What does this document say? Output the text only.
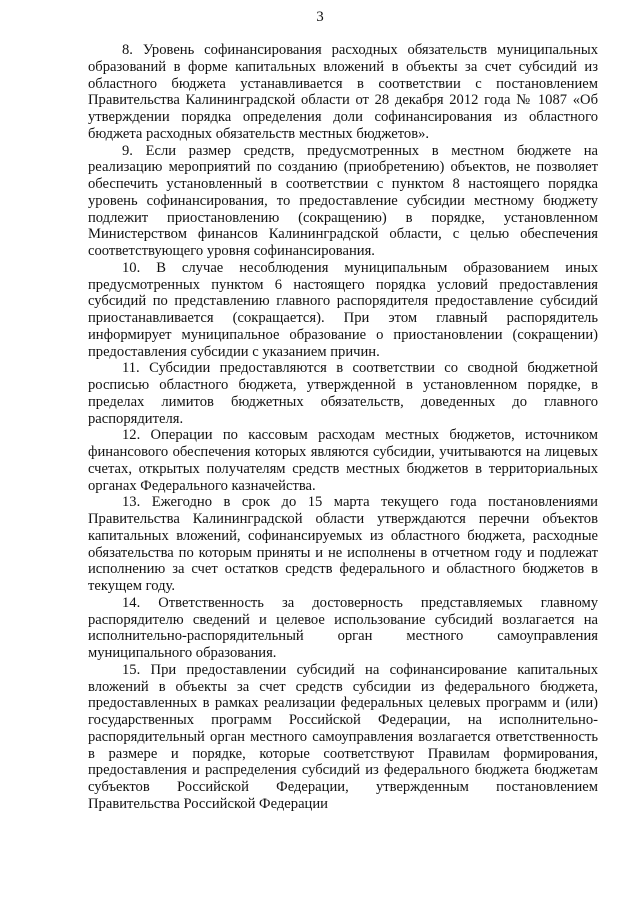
3

8. Уровень софинансирования расходных обязательств муниципальных образований в форме капитальных вложений в объекты за счет субсидий из областного бюджета устанавливается в соответствии с постановлением Правительства Калининградской области от 28 декабря 2012 года № 1087 «Об утверждении порядка определения доли софинансирования из областного бюджета расходных обязательств местных бюджетов».

9. Если размер средств, предусмотренных в местном бюджете на реализацию мероприятий по созданию (приобретению) объектов, не позволяет обеспечить установленный в соответствии с пунктом 8 настоящего порядка уровень софинансирования, то предоставление субсидии местному бюджету подлежит приостановлению (сокращению) в порядке, установленном Министерством финансов Калининградской области, с целью обеспечения соответствующего уровня софинансирования.

10. В случае несоблюдения муниципальным образованием иных предусмотренных пунктом 6 настоящего порядка условий предоставления субсидий по представлению главного распорядителя предоставление субсидий приостанавливается (сокращается). При этом главный распорядитель информирует муниципальное образование о приостановлении (сокращении) предоставления субсидии с указанием причин.

11. Субсидии предоставляются в соответствии со сводной бюджетной росписью областного бюджета, утвержденной в установленном порядке, в пределах лимитов бюджетных обязательств, доведенных до главного распорядителя.

12. Операции по кассовым расходам местных бюджетов, источником финансового обеспечения которых являются субсидии, учитываются на лицевых счетах, открытых получателям средств местных бюджетов в территориальных органах Федерального казначейства.

13. Ежегодно в срок до 15 марта текущего года постановлениями Правительства Калининградской области утверждаются перечни объектов капитальных вложений, софинансируемых из областного бюджета, расходные обязательства по которым приняты и не исполнены в отчетном году и подлежат исполнению за счет остатков средств федерального и областного бюджетов в текущем году.

14. Ответственность за достоверность представляемых главному распорядителю сведений и целевое использование субсидий возлагается на исполнительно-распорядительный орган местного самоуправления муниципального образования.

15. При предоставлении субсидий на софинансирование капитальных вложений в объекты за счет средств субсидии из федерального бюджета, предоставленных в рамках реализации федеральных целевых программ и (или) государственных программ Российской Федерации, на исполнительно-распорядительный орган местного самоуправления возлагается ответственность в размере и порядке, которые соответствуют Правилам формирования, предоставления и распределения субсидий из федерального бюджета бюджетам субъектов Российской Федерации, утвержденным постановлением Правительства Российской Федерации
